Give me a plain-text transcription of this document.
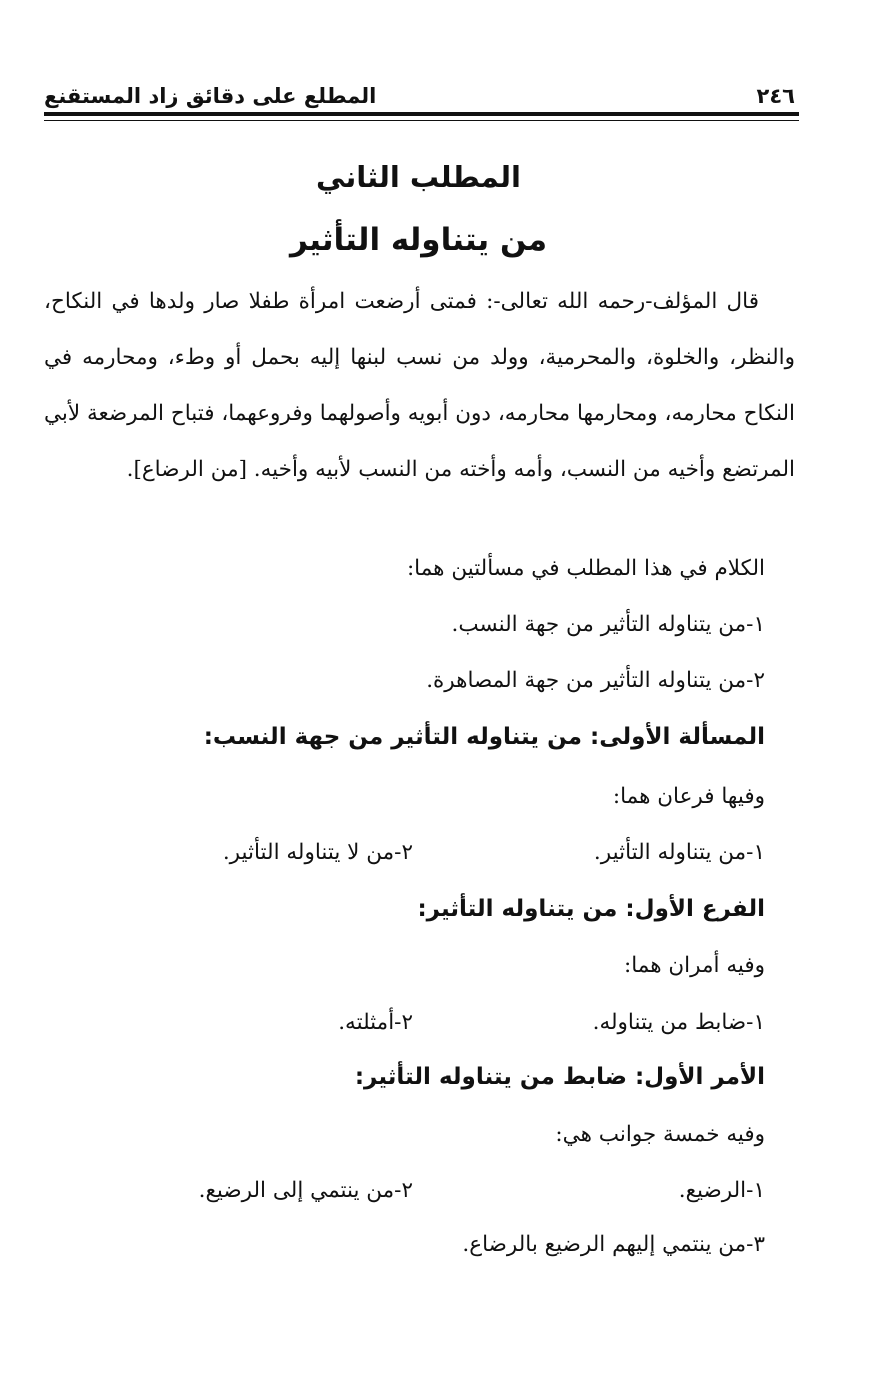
٢٤٦
المطلع على دقائق زاد المستقنع
المطلب الثاني
من يتناوله التأثير
قال المؤلف-رحمه الله تعالى-: فمتى أرضعت امرأة طفلا صار ولدها في النكاح، والنظر، والخلوة، والمحرمية، وولد من نسب لبنها إليه بحمل أو وطء، ومحارمه في النكاح محارمه، ومحارمها محارمه، دون أبويه وأصولهما وفروعهما، فتباح المرضعة لأبي المرتضع وأخيه من النسب، وأمه وأخته من النسب لأبيه وأخيه. [من الرضاع].
الكلام في هذا المطلب في مسألتين هما:
١-من يتناوله التأثير من جهة النسب.
٢-من يتناوله التأثير من جهة المصاهرة.
المسألة الأولى: من يتناوله التأثير من جهة النسب:
وفيها فرعان هما:
١-من يتناوله التأثير.
٢-من لا يتناوله التأثير.
الفرع الأول: من يتناوله التأثير:
وفيه أمران هما:
١-ضابط من يتناوله.
٢-أمثلته.
الأمر الأول: ضابط من يتناوله التأثير:
وفيه خمسة جوانب هي:
١-الرضيع.
٢-من ينتمي إلى الرضيع.
٣-من ينتمي إليهم الرضيع بالرضاع.
